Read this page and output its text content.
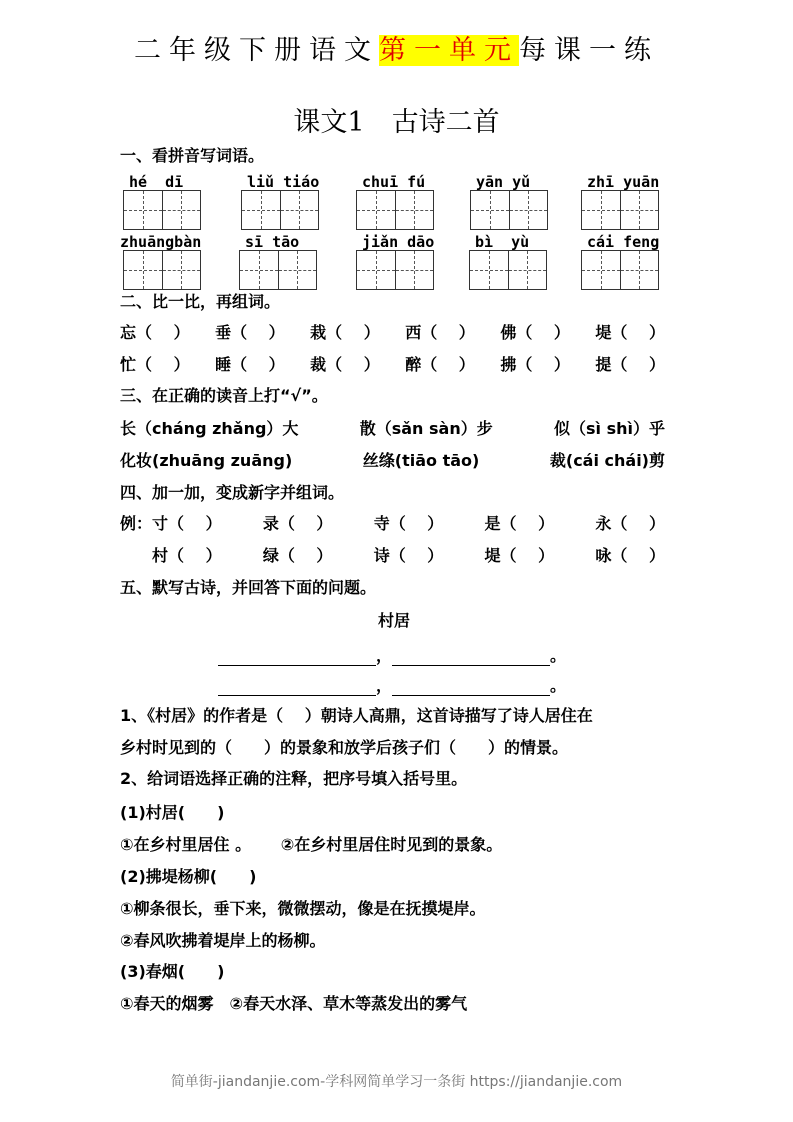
二年级下册语文第一单元每课一练
课文1　古诗二首
一、看拼音写词语。
hé  dī	liǔ tiáo	chuī fú	yān yǔ	zhī yuān
zhuāngbàn	sī tāo	jiǎn dāo	bì  yù	cái feng
二、比一比，再组词。
忘（　 ） 垂（　 ） 栽（　 ） 西（　 ） 佛（　 ） 堤（　 ）
忙（　 ） 睡（　 ） 裁（　 ） 醉（　 ） 拂（　 ） 提（　 ）
三、在正确的读音上打“√”。
长（cháng zhǎng）大	散（sǎn sàn）步	似（sì shì）乎
化妆(zhuāng zuāng)	丝绦(tiāo tāo)	裁(cái chái)剪
四、加一加，变成新字并组词。
例：寸（　 ）	录（　 ）	寺（　 ）	是（　 ）	永（　 ）
　　村（　 ）	绿（　 ）	诗（　 ）	堤（　 ）	咏（　 ）
五、默写古诗，并回答下面的问题。
村居
，	。
，	。
1、《村居》的作者是（　 ）朝诗人高鼎，这首诗描写了诗人居住在
乡村时见到的（　　）的景象和放学后孩子们（　　）的情景。
2、给词语选择正确的注释，把序号填入括号里。
(1)村居(　　)
①在乡村里居住 。　　 ②在乡村里居住时见到的景象。
(2)拂堤杨柳(　　)
①柳条很长，垂下来，微微摆动，像是在抚摸堤岸。
②春风吹拂着堤岸上的杨柳。
(3)春烟(　　)
①春天的烟雾　②春天水泽、草木等蒸发出的雾气
简单街-jiandanjie.com-学科网简单学习一条街 https://jiandanjie.com
